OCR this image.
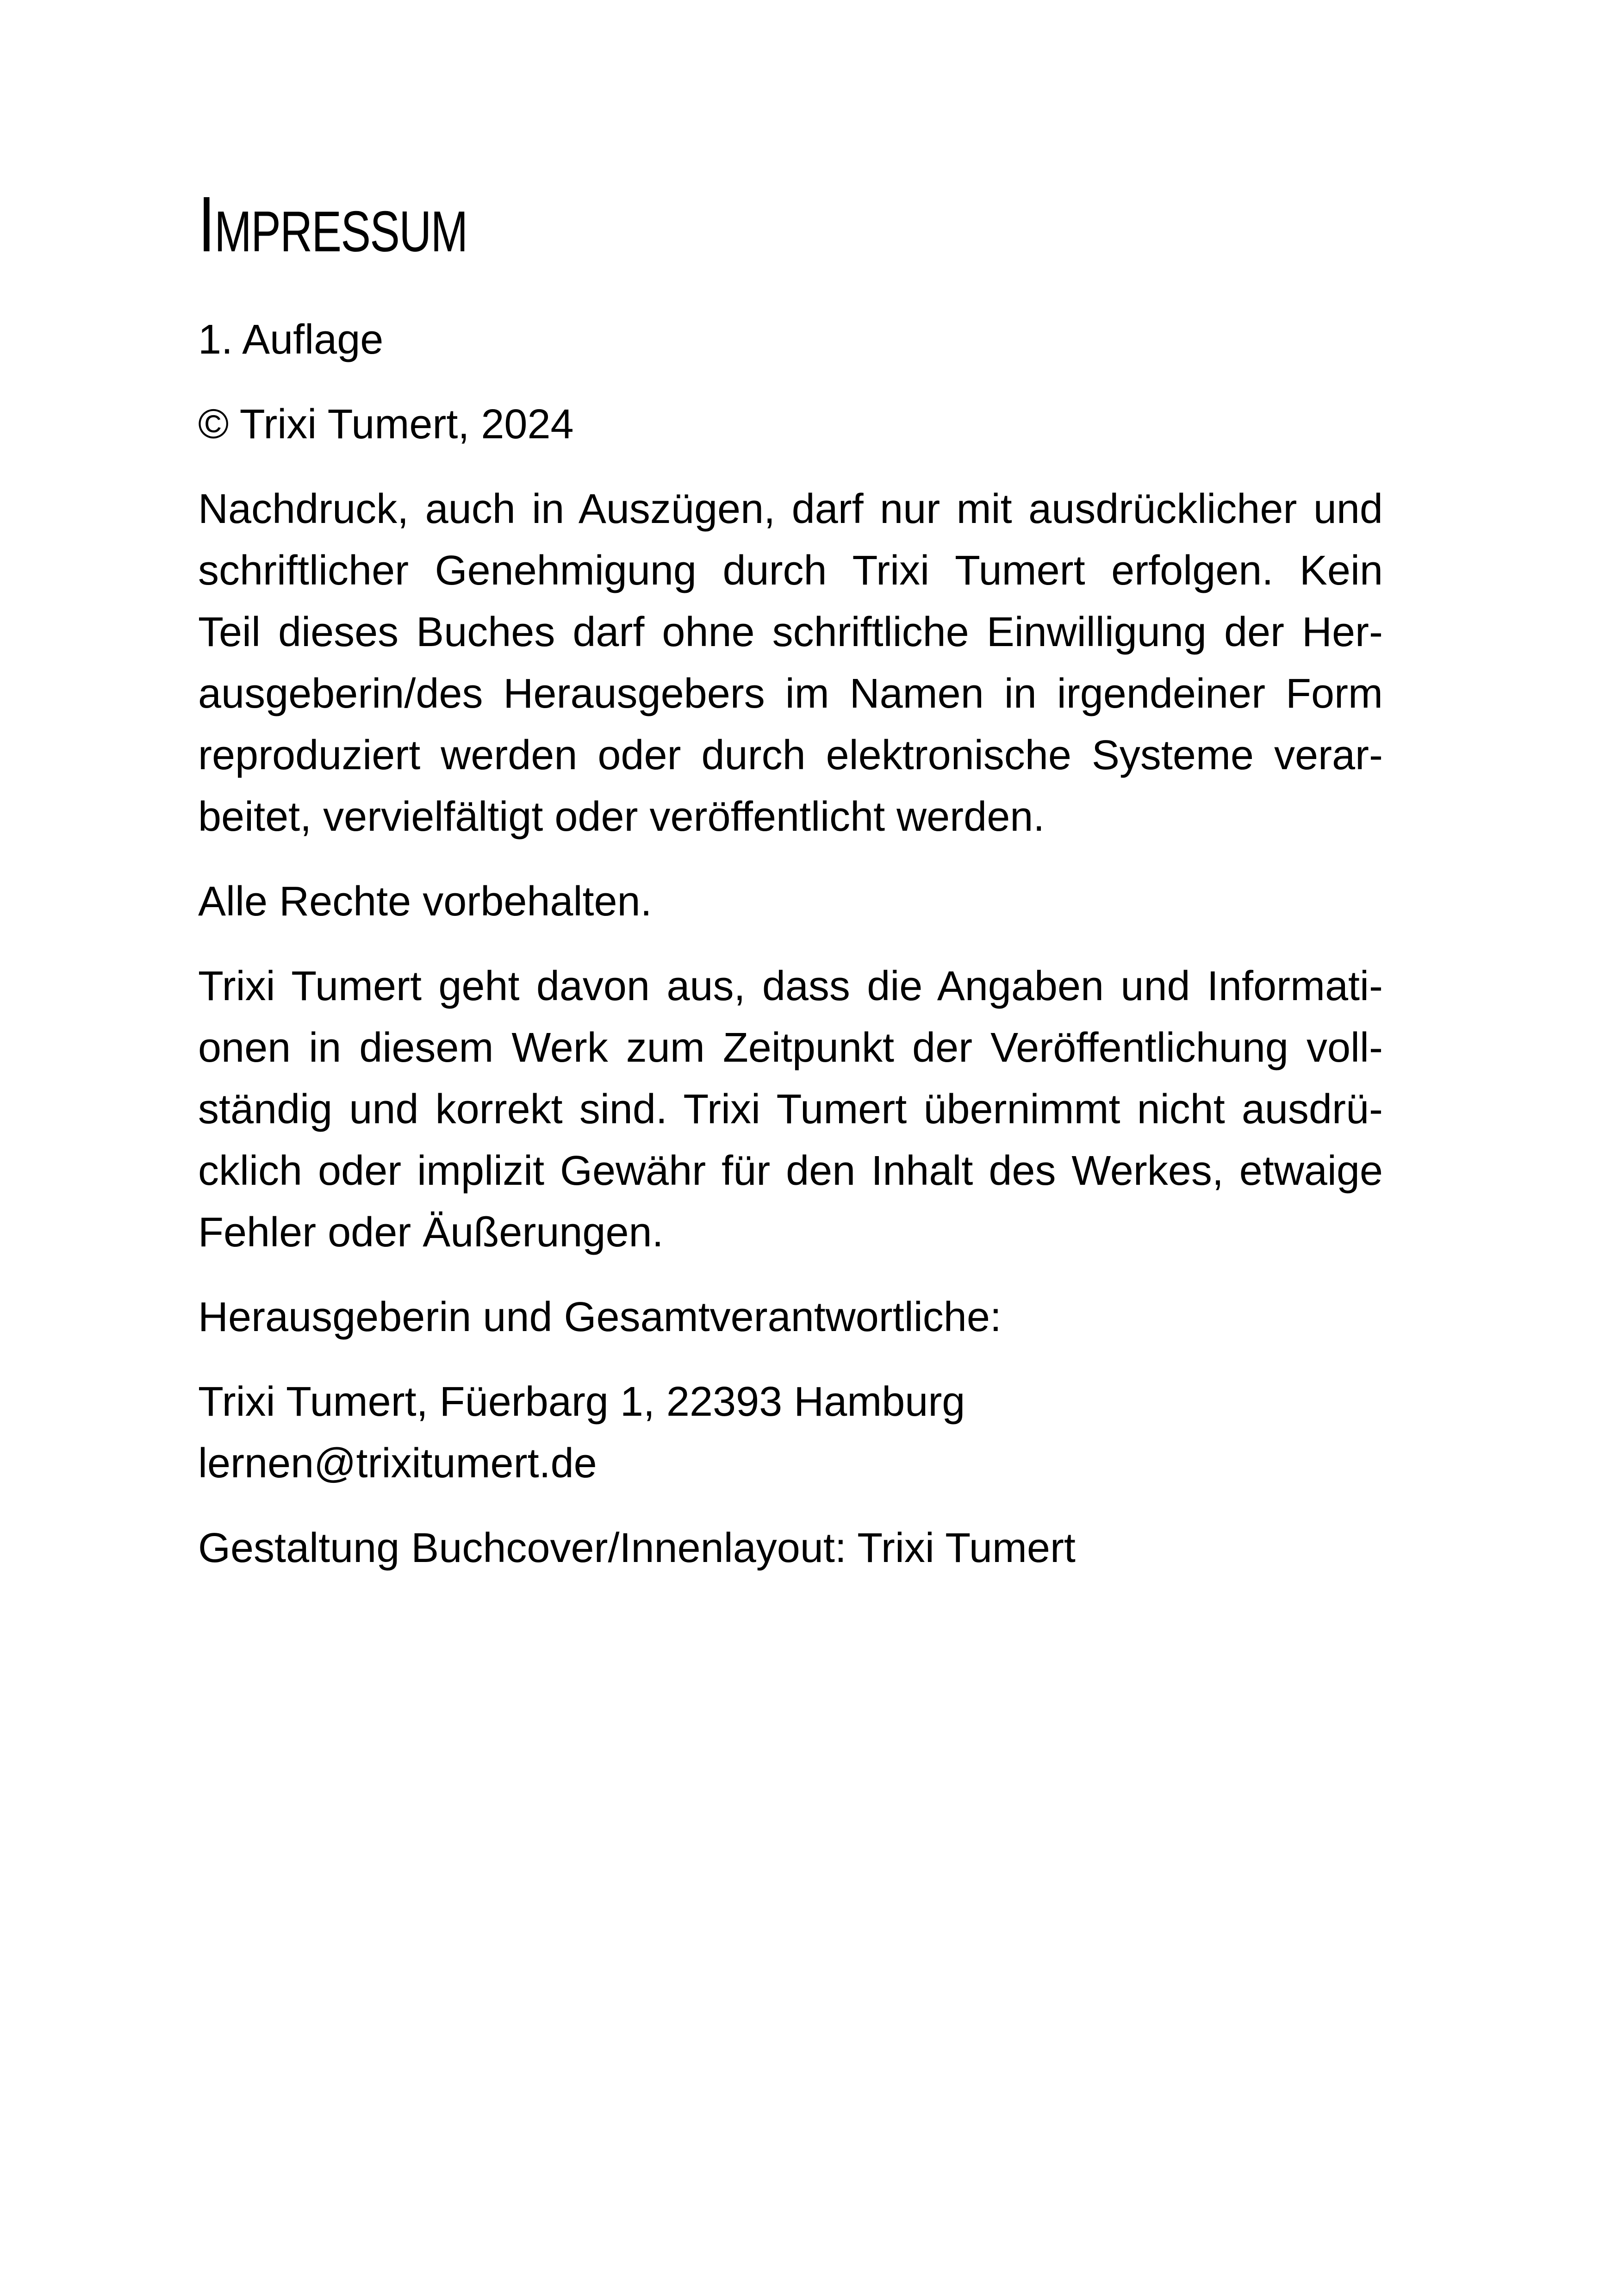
IMPRESSUM

1. Auflage

© Trixi Tumert, 2024

Nachdruck, auch in Auszügen, darf nur mit ausdrücklicher und
schriftlicher Genehmigung durch Trixi Tumert erfolgen. Kein
Teil dieses Buches darf ohne schriftliche Einwilligung der Her-
ausgeberin/des Herausgebers im Namen in irgendeiner Form
reproduziert werden oder durch elektronische Systeme verar-
beitet, vervielfältigt oder veröffentlicht werden.

Alle Rechte vorbehalten.

Trixi Tumert geht davon aus, dass die Angaben und Informati-
onen in diesem Werk zum Zeitpunkt der Veröffentlichung voll-
ständig und korrekt sind. Trixi Tumert übernimmt nicht ausdrü-
cklich oder implizit Gewähr für den Inhalt des Werkes, etwaige
Fehler oder Äußerungen.

Herausgeberin und Gesamtverantwortliche:

Trixi Tumert, Füerbarg 1, 22393 Hamburg
lernen@trixitumert.de

Gestaltung Buchcover/Innenlayout: Trixi Tumert
